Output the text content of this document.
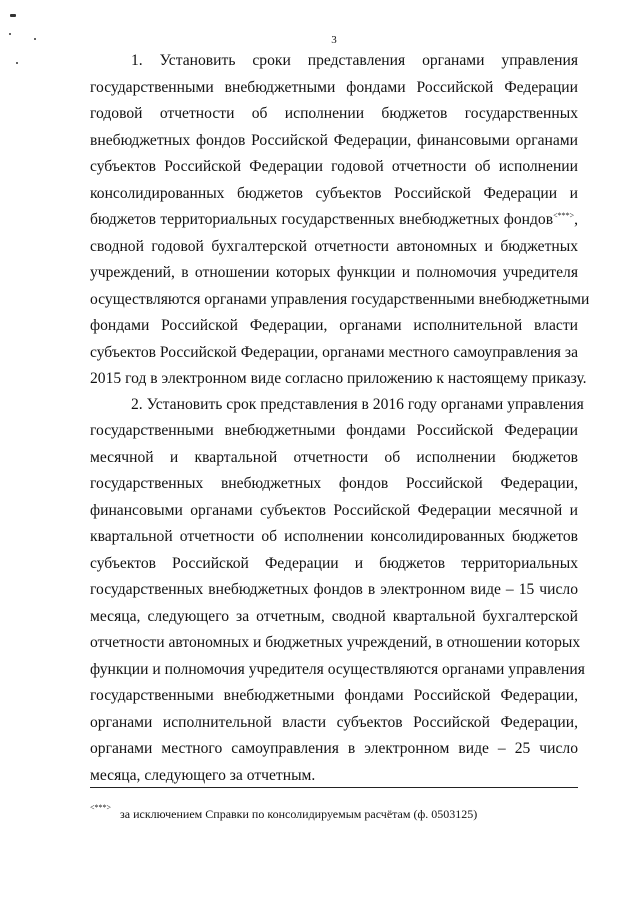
3
1. Установить сроки представления органами управления
государственными внебюджетными фондами Российской Федерации
годовой отчетности об исполнении бюджетов государственных
внебюджетных фондов Российской Федерации, финансовыми органами
субъектов Российской Федерации годовой отчетности об исполнении
консолидированных бюджетов субъектов Российской Федерации и
бюджетов территориальных государственных внебюджетных фондов<***>,
сводной годовой бухгалтерской отчетности автономных и бюджетных
учреждений, в отношении которых функции и полномочия учредителя
осуществляются органами управления государственными внебюджетными
фондами Российской Федерации, органами исполнительной власти
субъектов Российской Федерации, органами местного самоуправления за
2015 год в электронном виде согласно приложению к настоящему приказу.
2. Установить срок представления в 2016 году органами управления
государственными внебюджетными фондами Российской Федерации
месячной и квартальной отчетности об исполнении бюджетов
государственных внебюджетных фондов Российской Федерации,
финансовыми органами субъектов Российской Федерации месячной и
квартальной отчетности об исполнении консолидированных бюджетов
субъектов Российской Федерации и бюджетов территориальных
государственных внебюджетных фондов в электронном виде – 15 число
месяца, следующего за отчетным, сводной квартальной бухгалтерской
отчетности автономных и бюджетных учреждений, в отношении которых
функции и полномочия учредителя осуществляются органами управления
государственными внебюджетными фондами Российской Федерации,
органами исполнительной власти субъектов Российской Федерации,
органами местного самоуправления в электронном виде – 25 число
месяца, следующего за отчетным.
<***> за исключением Справки по консолидируемым расчётам (ф. 0503125)
